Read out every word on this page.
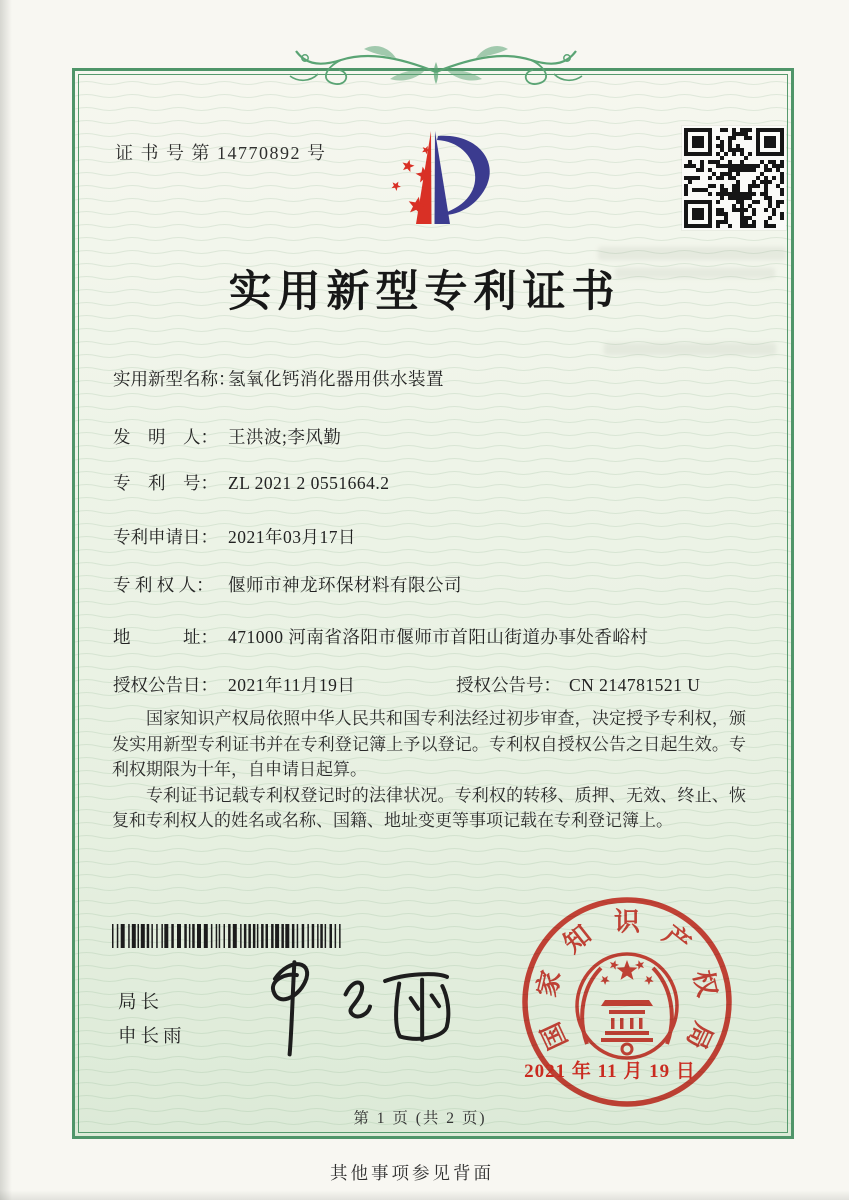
证 书 号 第 14770892 号
实用新型专利证书
实用新型名称：氢氧化钙消化器用供水装置
发　明　人： 王洪波;李风勤
专　利　号： ZL 2021 2 0551664.2
专利申请日： 2021年03月17日
专 利 权 人： 偃师市神龙环保材料有限公司
地　　　址： 471000 河南省洛阳市偃师市首阳山街道办事处香峪村
授权公告日： 2021年11月19日	授权公告号： CN 214781521 U

国家知识产权局依照中华人民共和国专利法经过初步审查，决定授予专利权，颁发实用新型专利证书并在专利登记簿上予以登记。专利权自授权公告之日起生效。专利权期限为十年，自申请日起算。

专利证书记载专利权登记时的法律状况。专利权的转移、质押、无效、终止、恢复和专利权人的姓名或名称、国籍、地址变更等事项记载在专利登记簿上。

局长
申长雨	国
家
知 识 产
权
局
2021 年 11 月 19 日
第 1 页 (共 2 页)
其他事项参见背面
